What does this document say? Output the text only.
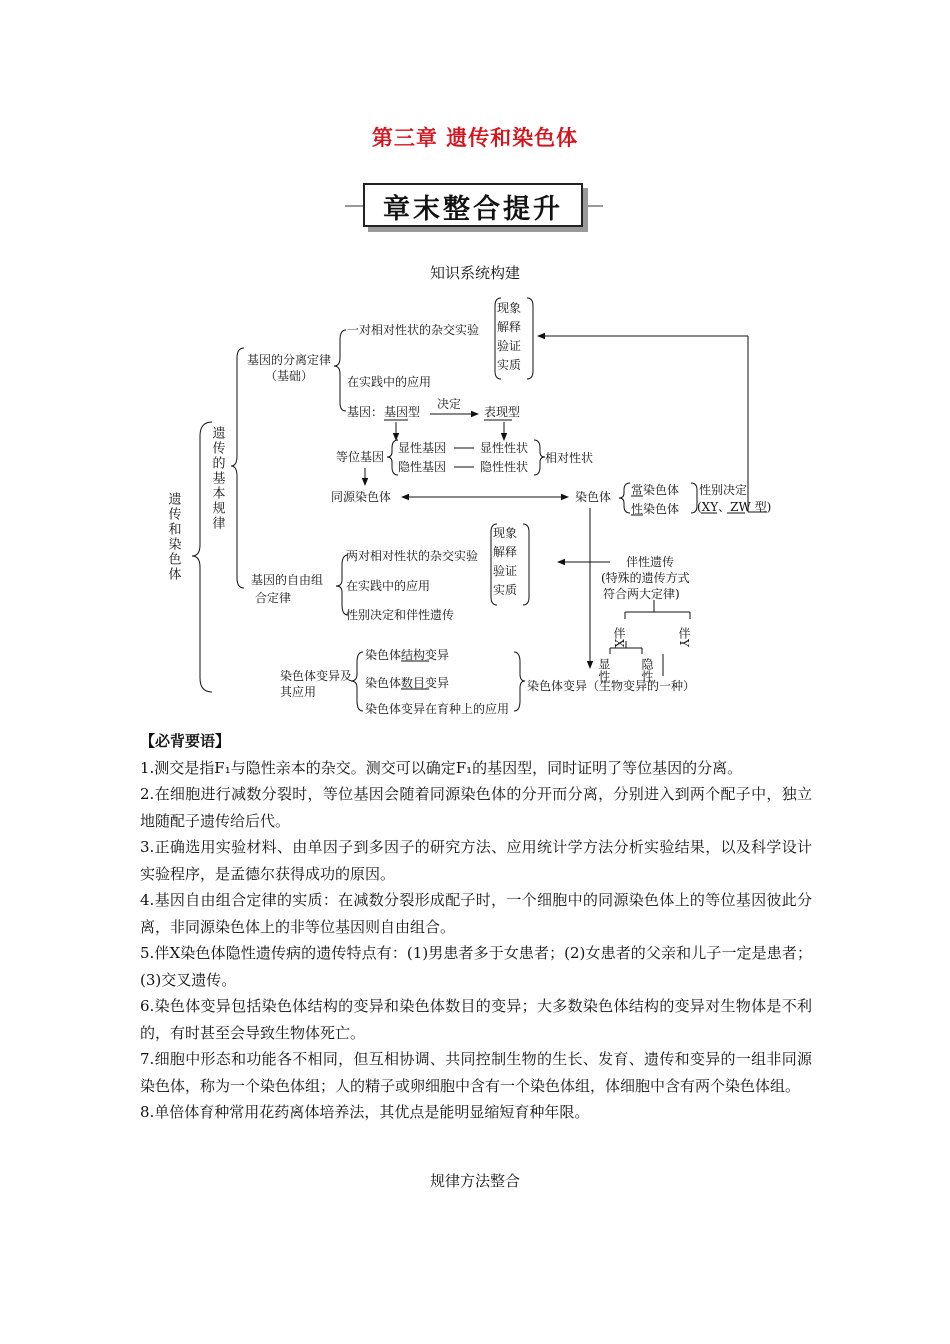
第三章 遗传和染色体
章末整合提升
知识系统构建
遗传和染色体
遗传的基本规律
基因的分离定律
（基础）
一对相对性状的杂交实验
在实践中的应用
基因： 基因型
决定
表现型
现象
解释
验证
实质
等位基因
显性基因	显性性状
隐性基因	隐性性状
相对性状
同源染色体	染色体 常染色体
性染色体
性别决定
(XY、ZW 型)
基因的自由组
合定律
两对相对性状的杂交实验
在实践中的应用
性别决定和伴性遗传
现象
解释
验证
实质
伴性遗传
(特殊的遗传方式
符合两大定律)
伴X	伴Y
显性 隐性
染色体变异及
其应用
染色体结构变异
染色体数目变异
染色体变异在育种上的应用
染色体变异（生物变异的一种）

【必背要语】

1.测交是指F₁与隐性亲本的杂交。测交可以确定F₁的基因型，同时证明了等位基因的分离。

2.在细胞进行减数分裂时，等位基因会随着同源染色体的分开而分离，分别进入到两个配子中，独立地随配子遗传给后代。

3.正确选用实验材料、由单因子到多因子的研究方法、应用统计学方法分析实验结果，以及科学设计实验程序，是孟德尔获得成功的原因。

4.基因自由组合定律的实质：在减数分裂形成配子时，一个细胞中的同源染色体上的等位基因彼此分离，非同源染色体上的非等位基因则自由组合。

5.伴X染色体隐性遗传病的遗传特点有：(1)男患者多于女患者；(2)女患者的父亲和儿子一定是患者；(3)交叉遗传。

6.染色体变异包括染色体结构的变异和染色体数目的变异；大多数染色体结构的变异对生物体是不利的，有时甚至会导致生物体死亡。

7.细胞中形态和功能各不相同，但互相协调、共同控制生物的生长、发育、遗传和变异的一组非同源染色体，称为一个染色体组；人的精子或卵细胞中含有一个染色体组，体细胞中含有两个染色体组。

8.单倍体育种常用花药离体培养法，其优点是能明显缩短育种年限。

规律方法整合
